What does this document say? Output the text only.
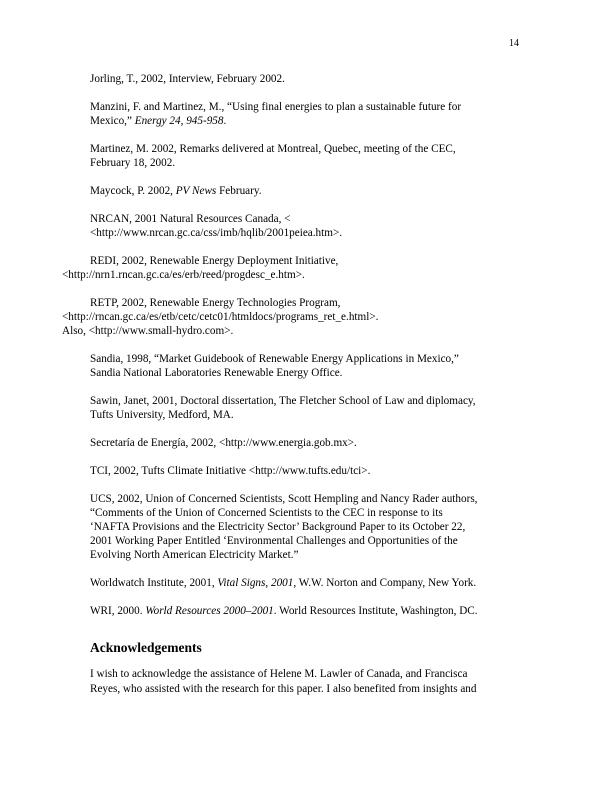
14
Jorling, T., 2002, Interview, February 2002.
Manzini, F. and Martinez, M., “Using final energies to plan a sustainable future for
Mexico,” Energy 24, 945-958.
Martinez, M. 2002, Remarks delivered at Montreal, Quebec, meeting of the CEC,
February 18, 2002.
Maycock, P. 2002, PV News February.
NRCAN, 2001 Natural Resources Canada, <
<http://www.nrcan.gc.ca/css/imb/hqlib/2001peiea.htm>.
REDI, 2002, Renewable Energy Deployment Initiative,
<http://nrn1.rncan.gc.ca/es/erb/reed/progdesc_e.htm>.
RETP, 2002, Renewable Energy Technologies Program,
<http://rncan.gc.ca/es/etb/cetc/cetc01/htmldocs/programs_ret_e.html>.
Also, <http://www.small-hydro.com>.
Sandia, 1998, “Market Guidebook of Renewable Energy Applications in Mexico,”
Sandia National Laboratories Renewable Energy Office.
Sawin, Janet, 2001, Doctoral dissertation, The Fletcher School of Law and diplomacy,
Tufts University, Medford, MA.
Secretaría de Energía, 2002, <http://www.energia.gob.mx>.
TCI, 2002, Tufts Climate Initiative <http://www.tufts.edu/tci>.
UCS, 2002, Union of Concerned Scientists, Scott Hempling and Nancy Rader authors,
“Comments of the Union of Concerned Scientists to the CEC in response to its
‘NAFTA Provisions and the Electricity Sector’ Background Paper to its October 22,
2001 Working Paper Entitled ‘Environmental Challenges and Opportunities of the
Evolving North American Electricity Market.”
Worldwatch Institute, 2001, Vital Signs, 2001, W.W. Norton and Company, New York.
WRI, 2000. World Resources 2000–2001. World Resources Institute, Washington, DC.
Acknowledgements

I wish to acknowledge the assistance of Helene M. Lawler of Canada, and Francisca
Reyes, who assisted with the research for this paper. I also benefited from insights and
